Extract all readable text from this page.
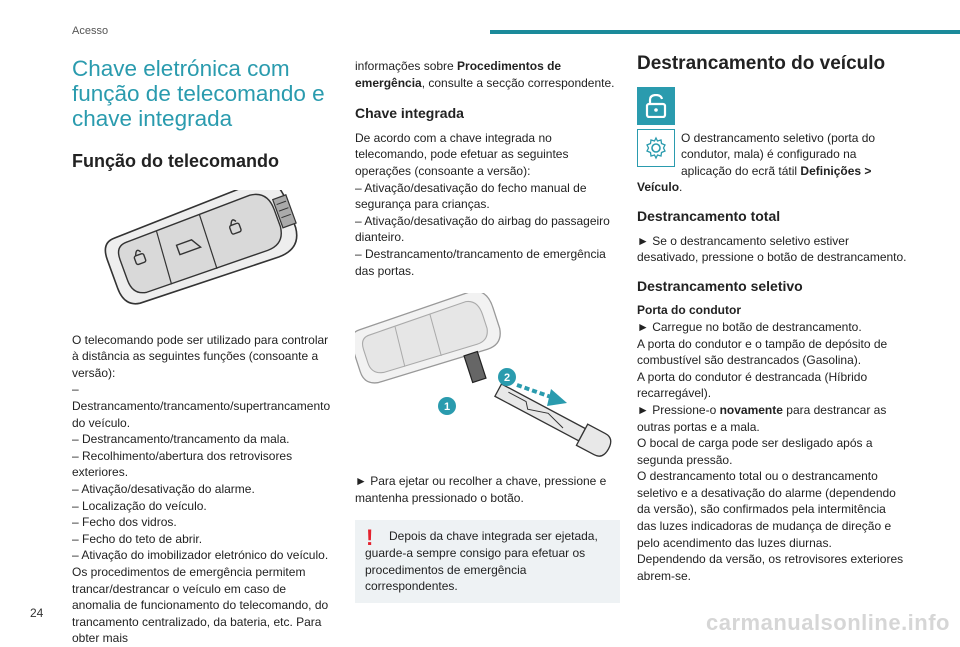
Acesso
Chave eletrónica com função de telecomando e chave integrada
Função do telecomando

O telecomando pode ser utilizado para controlar à distância as seguintes funções (consoante a versão):

– Destrancamento/trancamento/supertrancamento do veículo.

– Destrancamento/trancamento da mala.

– Recolhimento/abertura dos retrovisores exteriores.

– Ativação/desativação do alarme.

– Localização do veículo.

– Fecho dos vidros.

– Fecho do teto de abrir.

– Ativação do imobilizador eletrónico do veículo.

Os procedimentos de emergência permitem trancar/destrancar o veículo em caso de anomalia de funcionamento do telecomando, do trancamento centralizado, da bateria, etc. Para obter mais

informações sobre Procedimentos de emergência, consulte a secção correspondente.

Chave integrada

De acordo com a chave integrada no telecomando, pode efetuar as seguintes operações (consoante a versão):

– Ativação/desativação do fecho manual de segurança para crianças.

– Ativação/desativação do airbag do passageiro dianteiro.

– Destrancamento/trancamento de emergência das portas.

2
1

► Para ejetar ou recolher a chave, pressione e mantenha pressionado o botão.

!	Depois da chave integrada ser ejetada, guarde-a sempre consigo para efetuar os procedimentos de emergência correspondentes.

Destrancamento do veículo

O destrancamento seletivo (porta do condutor, mala) é configurado na aplicação do ecrã tátil Definições > Veículo.

Destrancamento total

► Se o destrancamento seletivo estiver desativado, pressione o botão de destrancamento.

Destrancamento seletivo

Porta do condutor

► Carregue no botão de destrancamento.

A porta do condutor e o tampão de depósito de combustível são destrancados (Gasolina).

A porta do condutor é destrancada (Híbrido recarregável).

► Pressione-o novamente para destrancar as outras portas e a mala.

O bocal de carga pode ser desligado após a segunda pressão.

O destrancamento total ou o destrancamento seletivo e a desativação do alarme (dependendo da versão), são confirmados pela intermitência das luzes indicadoras de mudança de direção e pelo acendimento das luzes diurnas.

Dependendo da versão, os retrovisores exteriores abrem-se.

24	carmanualsonline.info
